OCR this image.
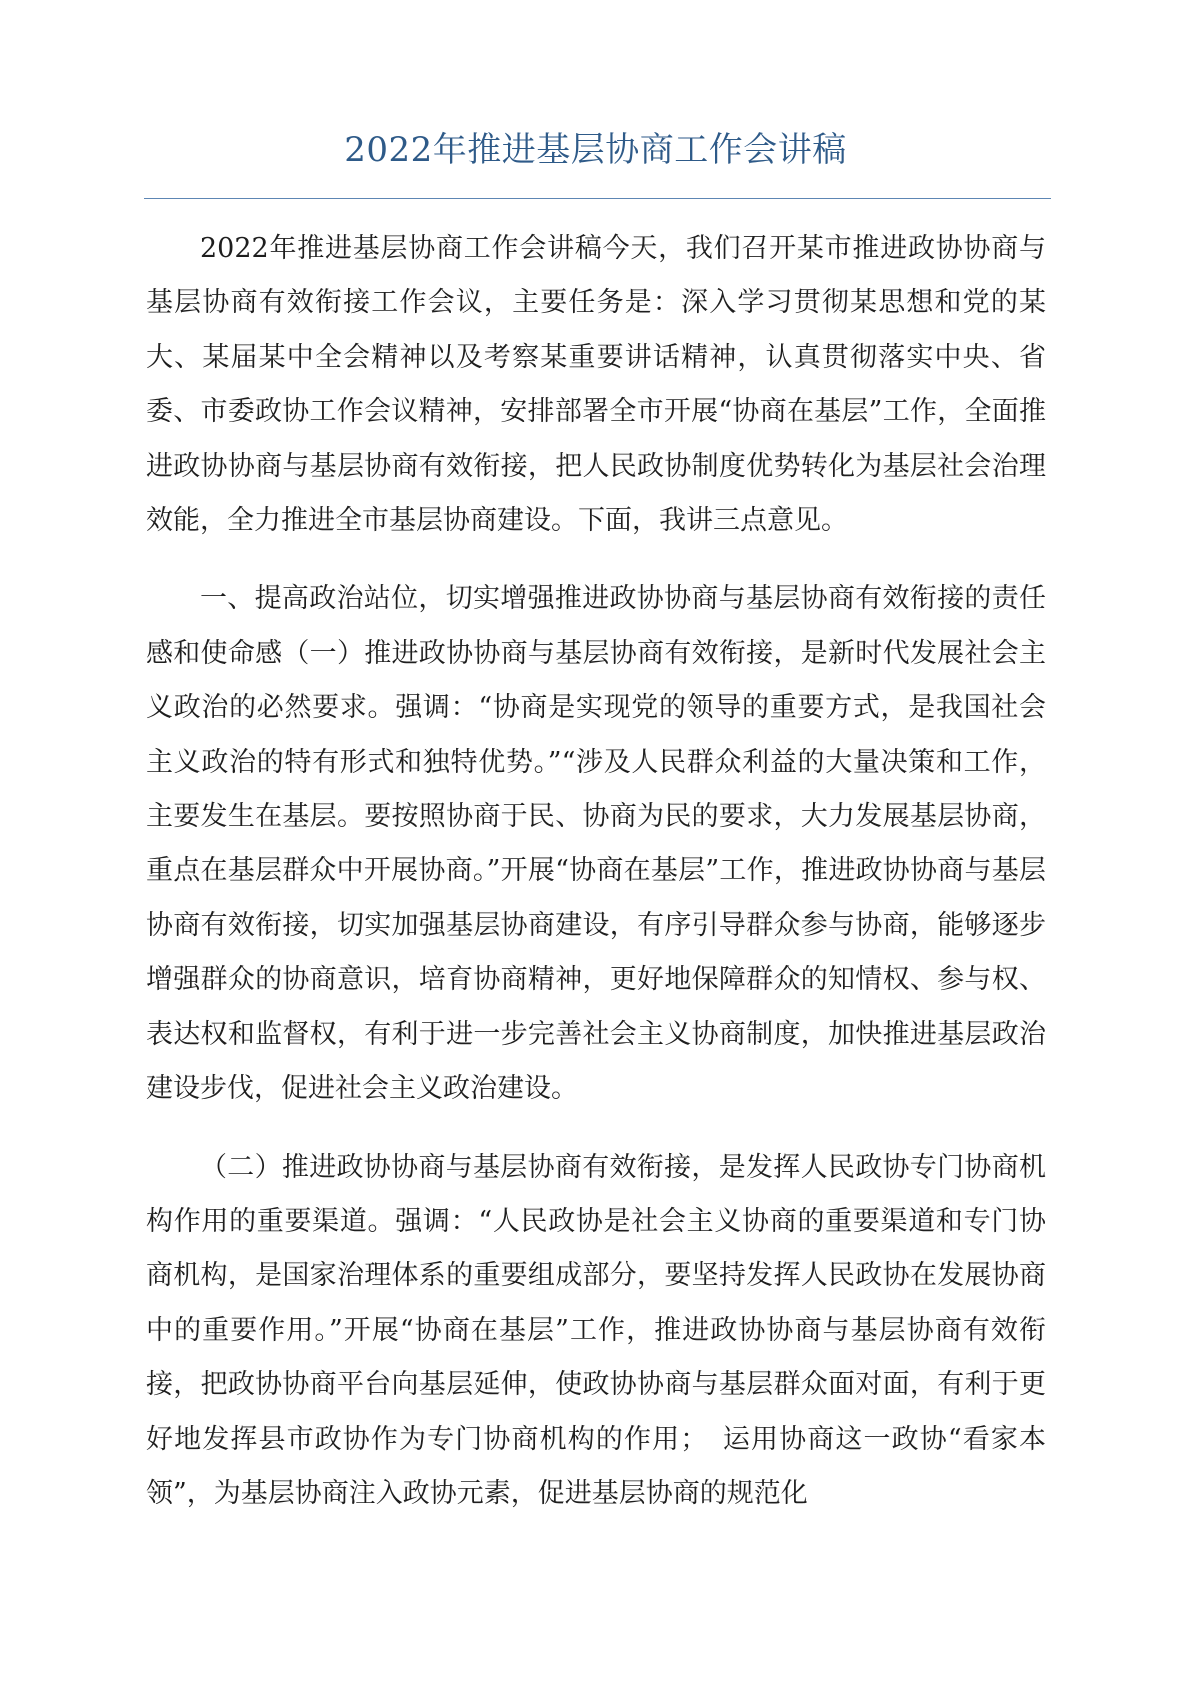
2022年推进基层协商工作会讲稿

2022年推进基层协商工作会讲稿今天，我们召开某市推进政协协商与基层协商有效衔接工作会议，主要任务是：深入学习贯彻某思想和党的某大、某届某中全会精神以及考察某重要讲话精神，认真贯彻落实中央、省委、市委政协工作会议精神，安排部署全市开展“协商在基层”工作，全面推进政协协商与基层协商有效衔接，把人民政协制度优势转化为基层社会治理效能，全力推进全市基层协商建设。下面，我讲三点意见。

一、提高政治站位，切实增强推进政协协商与基层协商有效衔接的责任感和使命感（一）推进政协协商与基层协商有效衔接，是新时代发展社会主义政治的必然要求。强调：“协商是实现党的领导的重要方式，是我国社会主义政治的特有形式和独特优势。”“涉及人民群众利益的大量决策和工作，主要发生在基层。要按照协商于民、协商为民的要求，大力发展基层协商，重点在基层群众中开展协商。”开展“协商在基层”工作，推进政协协商与基层协商有效衔接，切实加强基层协商建设，有序引导群众参与协商，能够逐步增强群众的协商意识，培育协商精神，更好地保障群众的知情权、参与权、表达权和监督权，有利于进一步完善社会主义协商制度，加快推进基层政治建设步伐，促进社会主义政治建设。

（二）推进政协协商与基层协商有效衔接，是发挥人民政协专门协商机构作用的重要渠道。强调：“人民政协是社会主义协商的重要渠道和专门协商机构，是国家治理体系的重要组成部分，要坚持发挥人民政协在发展协商中的重要作用。”开展“协商在基层”工作，推进政协协商与基层协商有效衔接，把政协协商平台向基层延伸，使政协协商与基层群众面对面，有利于更好地发挥县市政协作为专门协商机构的作用；　运用协商这一政协“看家本领”，为基层协商注入政协元素，促进基层协商的规范化
